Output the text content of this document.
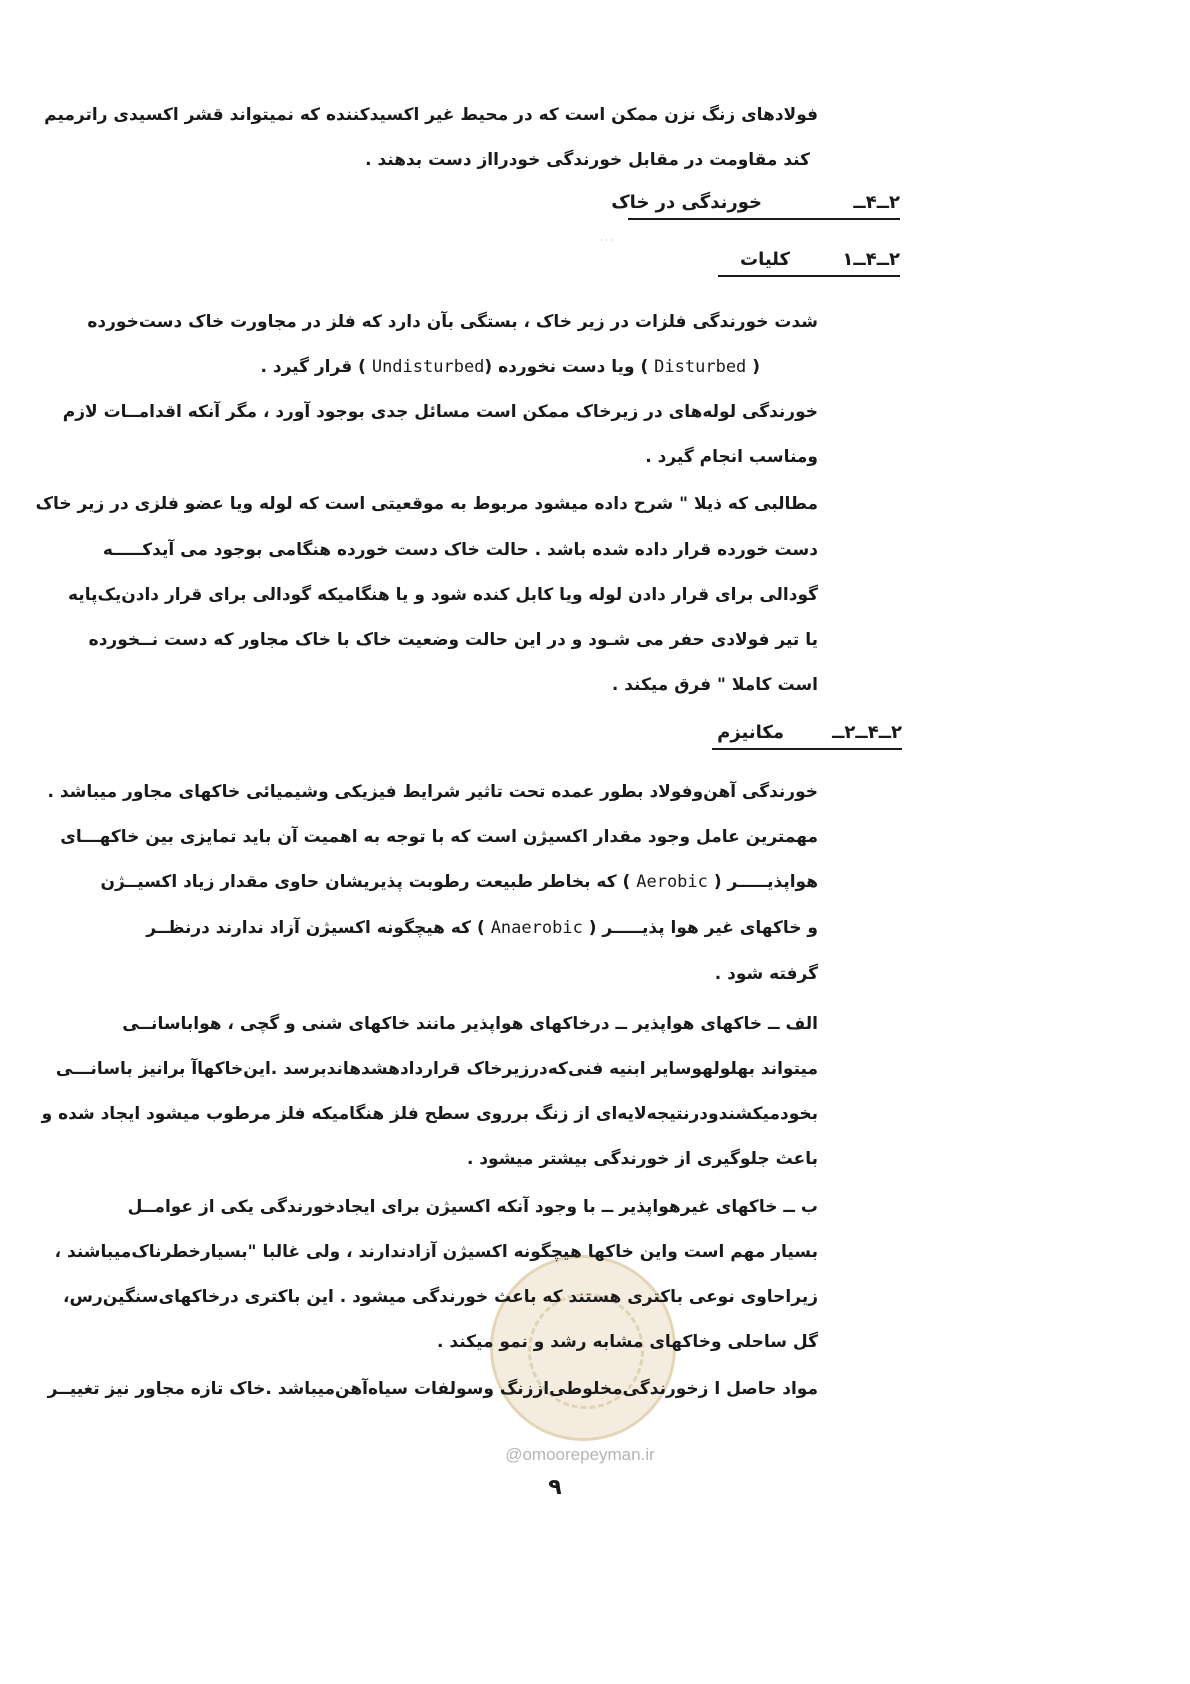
فولادهای زنگ نزن ممکن است که در محیط غیر اکسیدکننده که نمیتواند قشر اکسیدی راترمیم
کند مقاومت در مقابل خورندگی خودرااز دست بدهند .
۲ــ۴ــ
خورندگی در خاک
· · ·
۲ــ۴ــ۱
کلیات
شدت خورندگی فلزات در زیر خاک ، بستگی بآن دارد که فلز در مجاورت خاک دست‌خورده
( Disturbed ) ویا دست نخورده (Undisturbed ) قرار گیرد .
خورندگی لوله‌های در زیرخاک ممکن است مسائل جدی بوجود آورد ، مگر آنکه اقدامــات لازم
ومناسب انجام گیرد .
مطالبی که ذیلا " شرح داده میشود مربوط به موقعیتی است که لوله ویا عضو فلزی در زیر خاک
دست خورده قرار داده شده باشد . حالت خاک دست خورده هنگامی بوجود می آیدکـــــه
گودالی برای قرار دادن لوله ویا کابل کنده شود و یا هنگامیکه گودالی برای قرار دادن‌یک‌پایه
یا تیر فولادی حفر می شـود و در این حالت وضعیت خاک با خاک مجاور که دست نــخورده
است کاملا " فرق میکند .
۲ــ۴ــ۲ــ
مکانیزم
خورندگی آهن‌وفولاد بطور عمده تحت تاثیر شرایط فیزیکی وشیمیائی خاکهای مجاور میباشد .
مهمترین عامل وجود مقدار اکسیژن است که با توجه به اهمیت آن باید تمایزی بین خاکهـــای
هواپذیـــــر ( Aerobic ) که بخاطر طبیعت رطوبت پذیریشان حاوی مقدار زیاد اکسیــژن
و خاکهای غیر هوا پذیـــــر ( Anaerobic ) که هیچگونه اکسیژن آزاد ندارند درنظــر
گرفته شود .
الف ــ خاکهای هواپذیر ــ درخاکهای هواپذیر مانند خاکهای شنی و گچی ، هواباسانــی
میتواند بهلولهوسایر ابنیه فنی‌که‌درزیرخاک قراردادهشدهاندبرسد .این‌خاکهاآ برانیز باسانـــی
بخودمیکشندودرنتیجه‌لایه‌ای از زنگ برروی سطح فلز هنگامیکه فلز مرطوب میشود ایجاد شده و
باعث جلوگیری از خورندگی بیشتر میشود .
ب ــ خاکهای غیرهواپذیر ــ با وجود آنکه اکسیژن برای ایجادخورندگی یکی از عوامــل
بسیار مهم است واین خاکها هیچگونه اکسیژن آزادندارند ، ولی غالبا "بسیارخطرناک‌میباشند ،
زیراحاوی نوعی باکتری هستند که باعث خورندگی میشود . این باکتری درخاکهای‌سنگین‌رس،
گل ساحلی وخاکهای مشابه رشد و نمو میکند .
مواد حاصل ا زخورندگی‌مخلوطی‌اززنگ وسولفات سیاه‌آهن‌میباشد .خاک تازه مجاور نیز تغییــر
@omoorepeyman.ir
۹
